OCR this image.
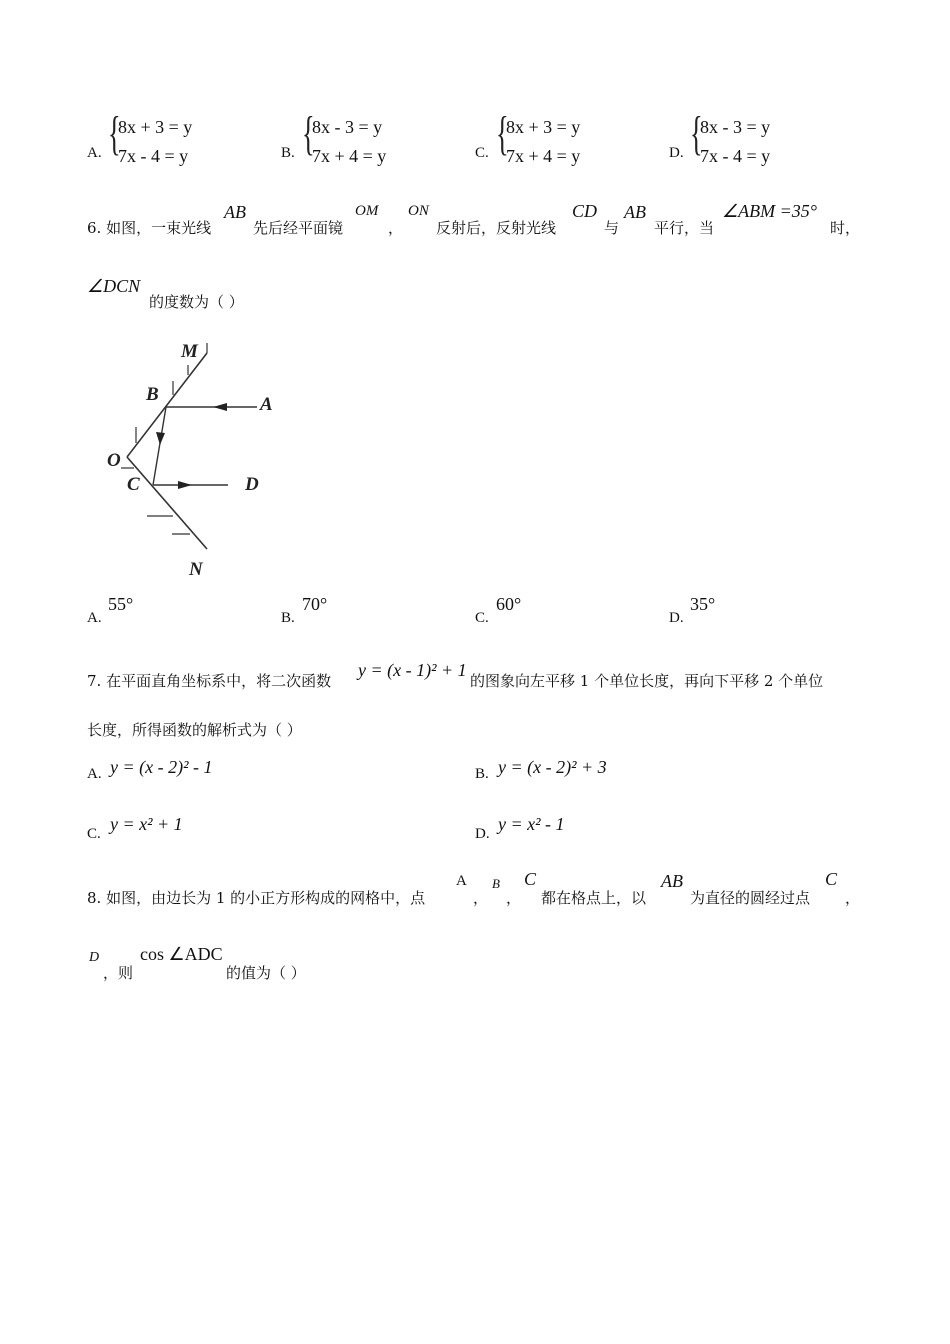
A. {
8x + 3 = y
7x - 4 = y	B. {
8x - 3 = y
7x + 4 = y	C. {
8x + 3 = y
7x + 4 = y	D. {
8x - 3 = y
7x - 4 = y
6. 如图，一束光线
AB
先后经平面镜
OM
，
ON
反射后，反射光线
CD
与
AB
平行，当
∠ABM =35°
时，
∠DCN
的度数为（ ）
M
B	A
O
C	D
N
A.
55°
B.
70°
C.
60°
D.
35°
7. 在平面直角坐标系中，将二次函数
y = (x - 1)² + 1
的图象向左平移 1 个单位长度，再向下平移 2 个单位
长度，所得函数的解析式为（ ）
A. y = (x - 2)² - 1	B. y = (x - 2)² + 3
C. y = x² + 1	D. y = x² - 1
8. 如图，由边长为 1 的小正方形构成的网格中，点
A
，
B
，
C
都在格点上，以
AB
为直径的圆经过点
C
，
D
，则
cos ∠ADC
的值为（ ）
